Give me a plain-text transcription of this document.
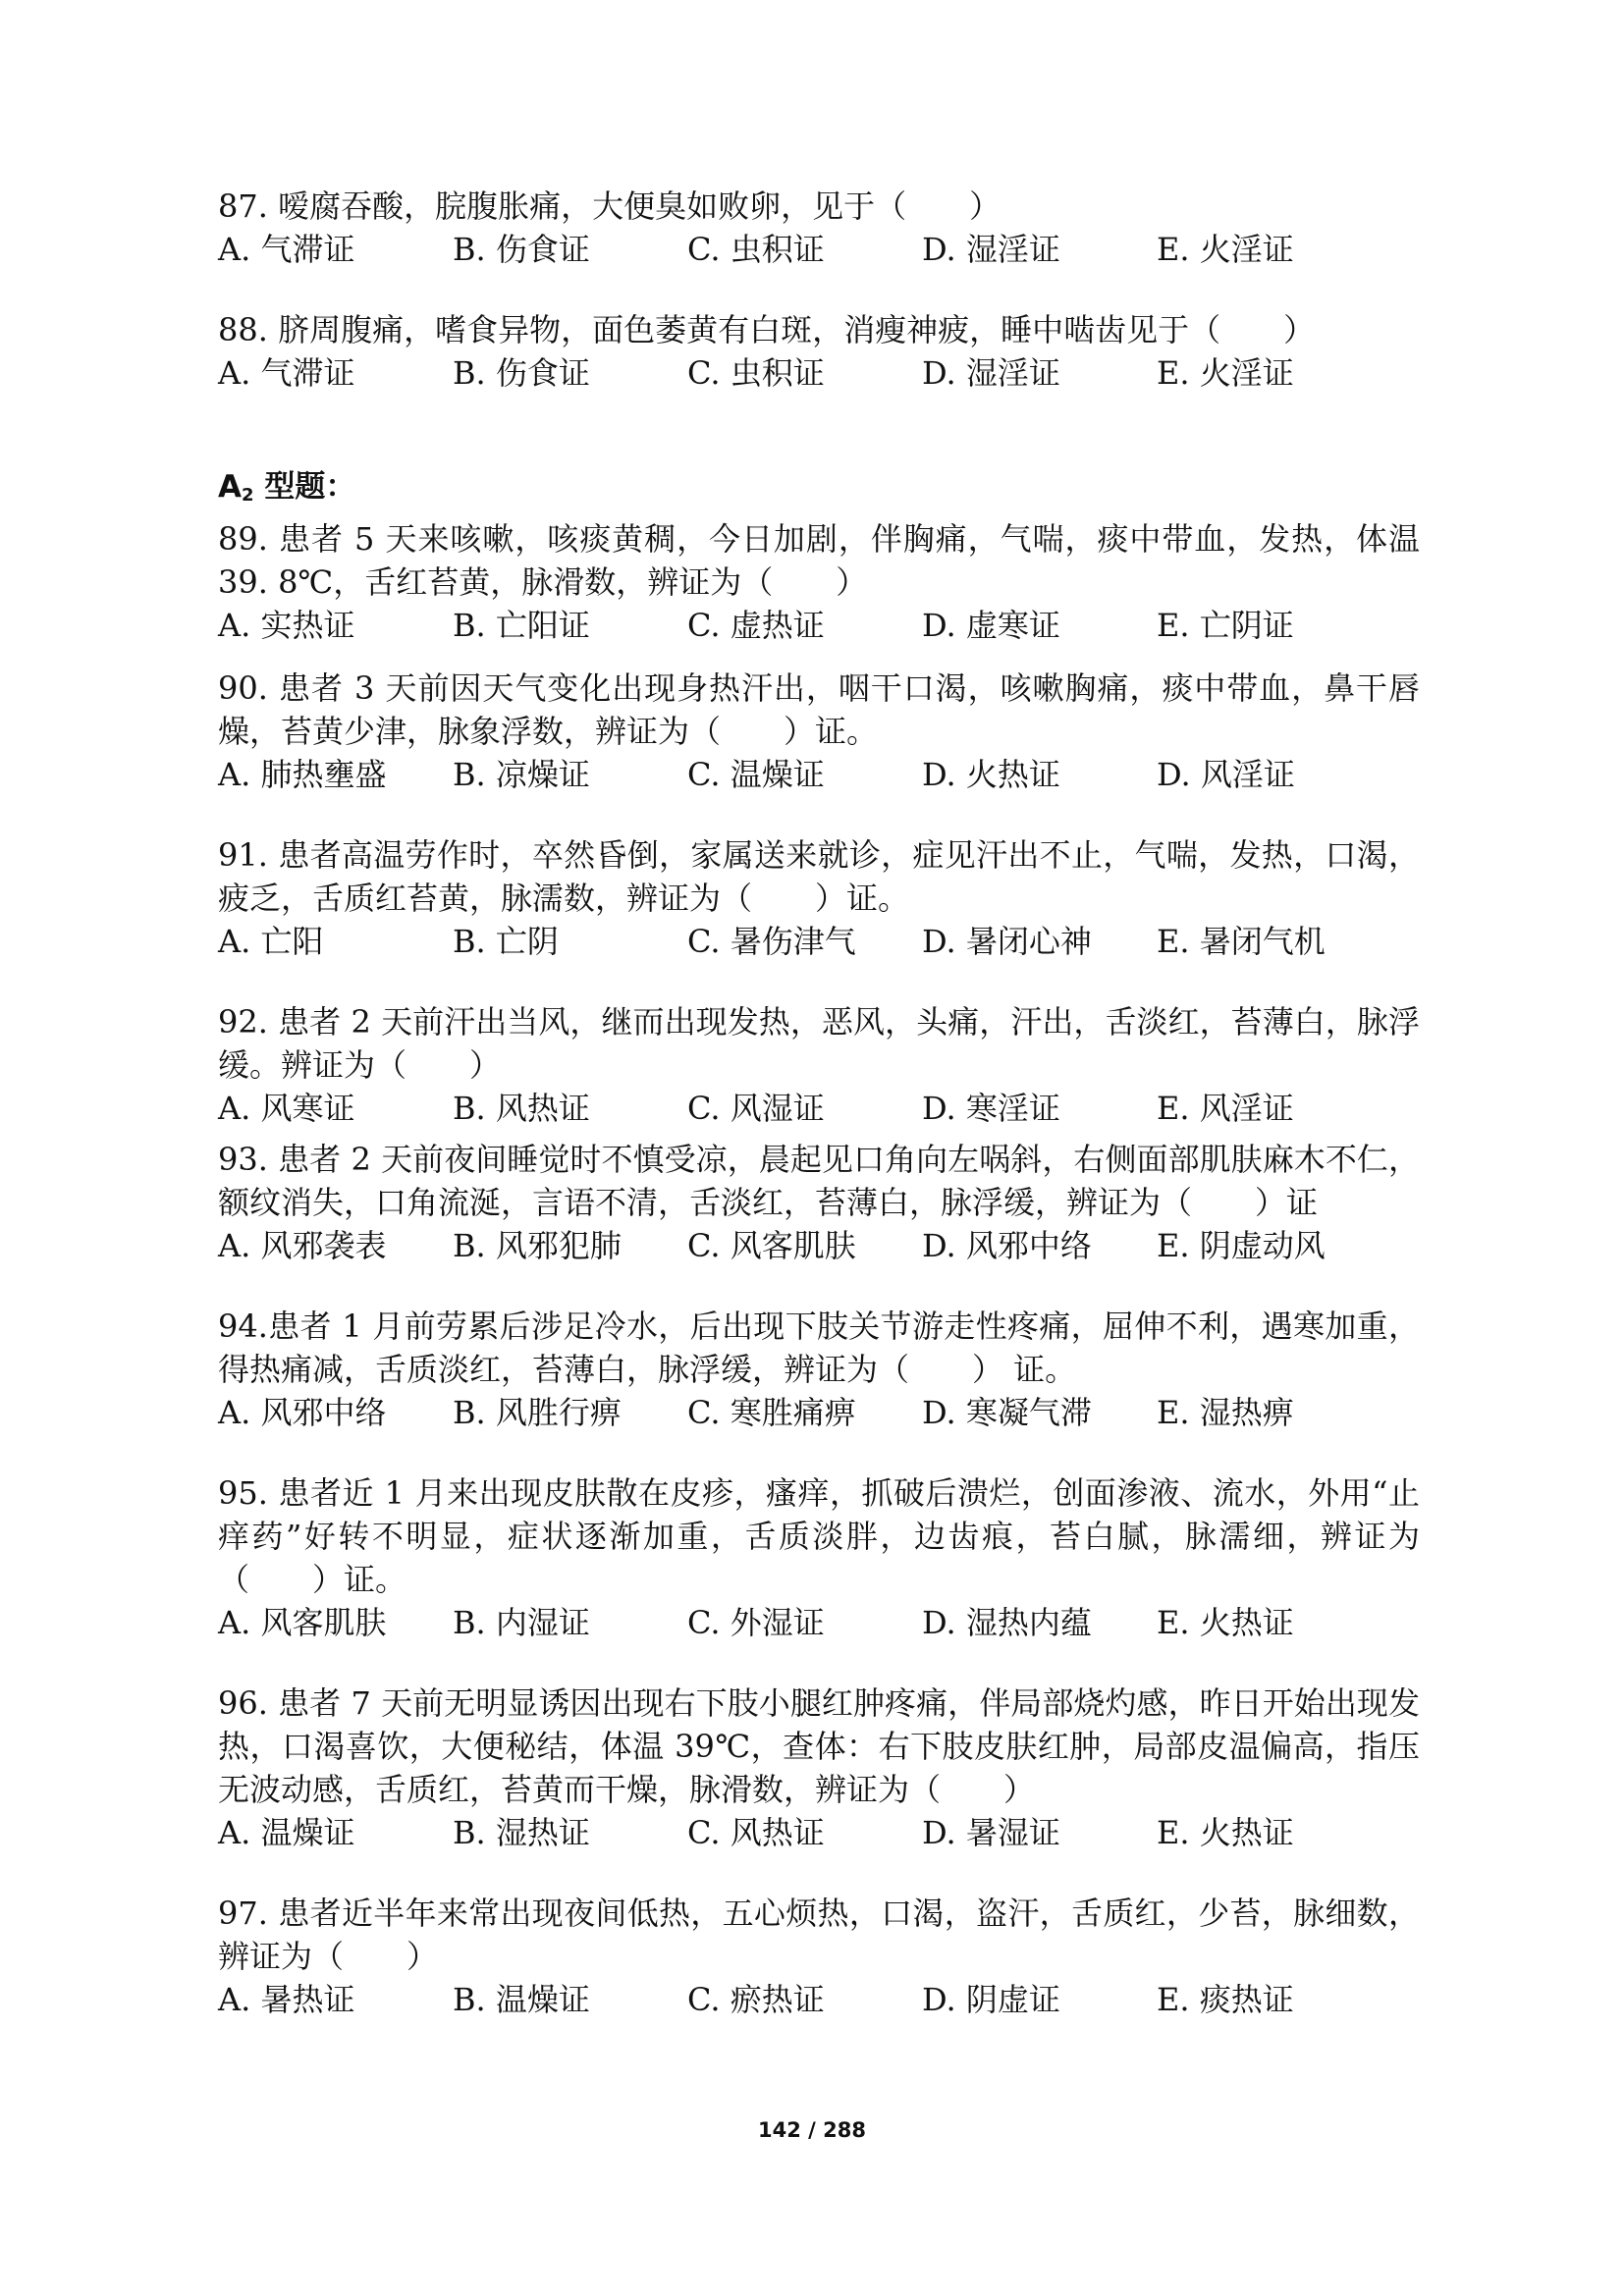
87. 嗳腐吞酸，脘腹胀痛，大便臭如败卵，见于（　　）

A. 气滞证	B. 伤食证	C. 虫积证	D. 湿淫证	E. 火淫证

88. 脐周腹痛，嗜食异物，面色萎黄有白斑，消瘦神疲，睡中啮齿见于（　　）

A. 气滞证	B. 伤食证	C. 虫积证	D. 湿淫证	E. 火淫证

$A_2$ 型题：

89. 患者 5 天来咳嗽，咳痰黄稠，今日加剧，伴胸痛，气喘，痰中带血，发热，体温 39. 8℃，舌红苔黄，脉滑数，辨证为（　　）

A. 实热证	B. 亡阳证	C. 虚热证	D. 虚寒证	E. 亡阴证

90. 患者 3 天前因天气变化出现身热汗出，咽干口渴，咳嗽胸痛，痰中带血，鼻干唇燥，苔黄少津，脉象浮数，辨证为（　　）证。

A. 肺热壅盛	B. 凉燥证	C. 温燥证	D. 火热证	D. 风淫证

91. 患者高温劳作时，卒然昏倒，家属送来就诊，症见汗出不止，气喘，发热，口渴，疲乏，舌质红苔黄，脉濡数，辨证为（　　）证。

A. 亡阳	B. 亡阴	C. 暑伤津气	D. 暑闭心神	E. 暑闭气机

92. 患者 2 天前汗出当风，继而出现发热，恶风，头痛，汗出，舌淡红，苔薄白，脉浮缓。辨证为（　　）

A. 风寒证	B. 风热证	C. 风湿证	D. 寒淫证	E. 风淫证

93. 患者 2 天前夜间睡觉时不慎受凉，晨起见口角向左㖞斜，右侧面部肌肤麻木不仁，额纹消失，口角流涎，言语不清，舌淡红，苔薄白，脉浮缓，辨证为（　　）证

A. 风邪袭表	B. 风邪犯肺	C. 风客肌肤	D. 风邪中络	E. 阴虚动风

94.患者 1 月前劳累后涉足冷水，后出现下肢关节游走性疼痛，屈伸不利，遇寒加重，得热痛减，舌质淡红，苔薄白，脉浮缓，辨证为（　　） 证。

A. 风邪中络	B. 风胜行痹	C. 寒胜痛痹	D. 寒凝气滞	E. 湿热痹

95. 患者近 1 月来出现皮肤散在皮疹，瘙痒，抓破后溃烂，创面渗液、流水，外用“止痒药”好转不明显，症状逐渐加重，舌质淡胖，边齿痕，苔白腻，脉濡细，辨证为（　　）证。

A. 风客肌肤	B. 内湿证	C. 外湿证	D. 湿热内蕴	E. 火热证

96. 患者 7 天前无明显诱因出现右下肢小腿红肿疼痛，伴局部烧灼感，昨日开始出现发热，口渴喜饮，大便秘结，体温 39℃，查体：右下肢皮肤红肿，局部皮温偏高，指压无波动感，舌质红，苔黄而干燥，脉滑数，辨证为（　　）

A. 温燥证	B. 湿热证	C. 风热证	D. 暑湿证	E. 火热证

97. 患者近半年来常出现夜间低热，五心烦热，口渴，盗汗，舌质红，少苔，脉细数，辨证为（　　）

A. 暑热证	B. 温燥证	C. 瘀热证	D. 阴虚证	E. 痰热证
142 / 288
